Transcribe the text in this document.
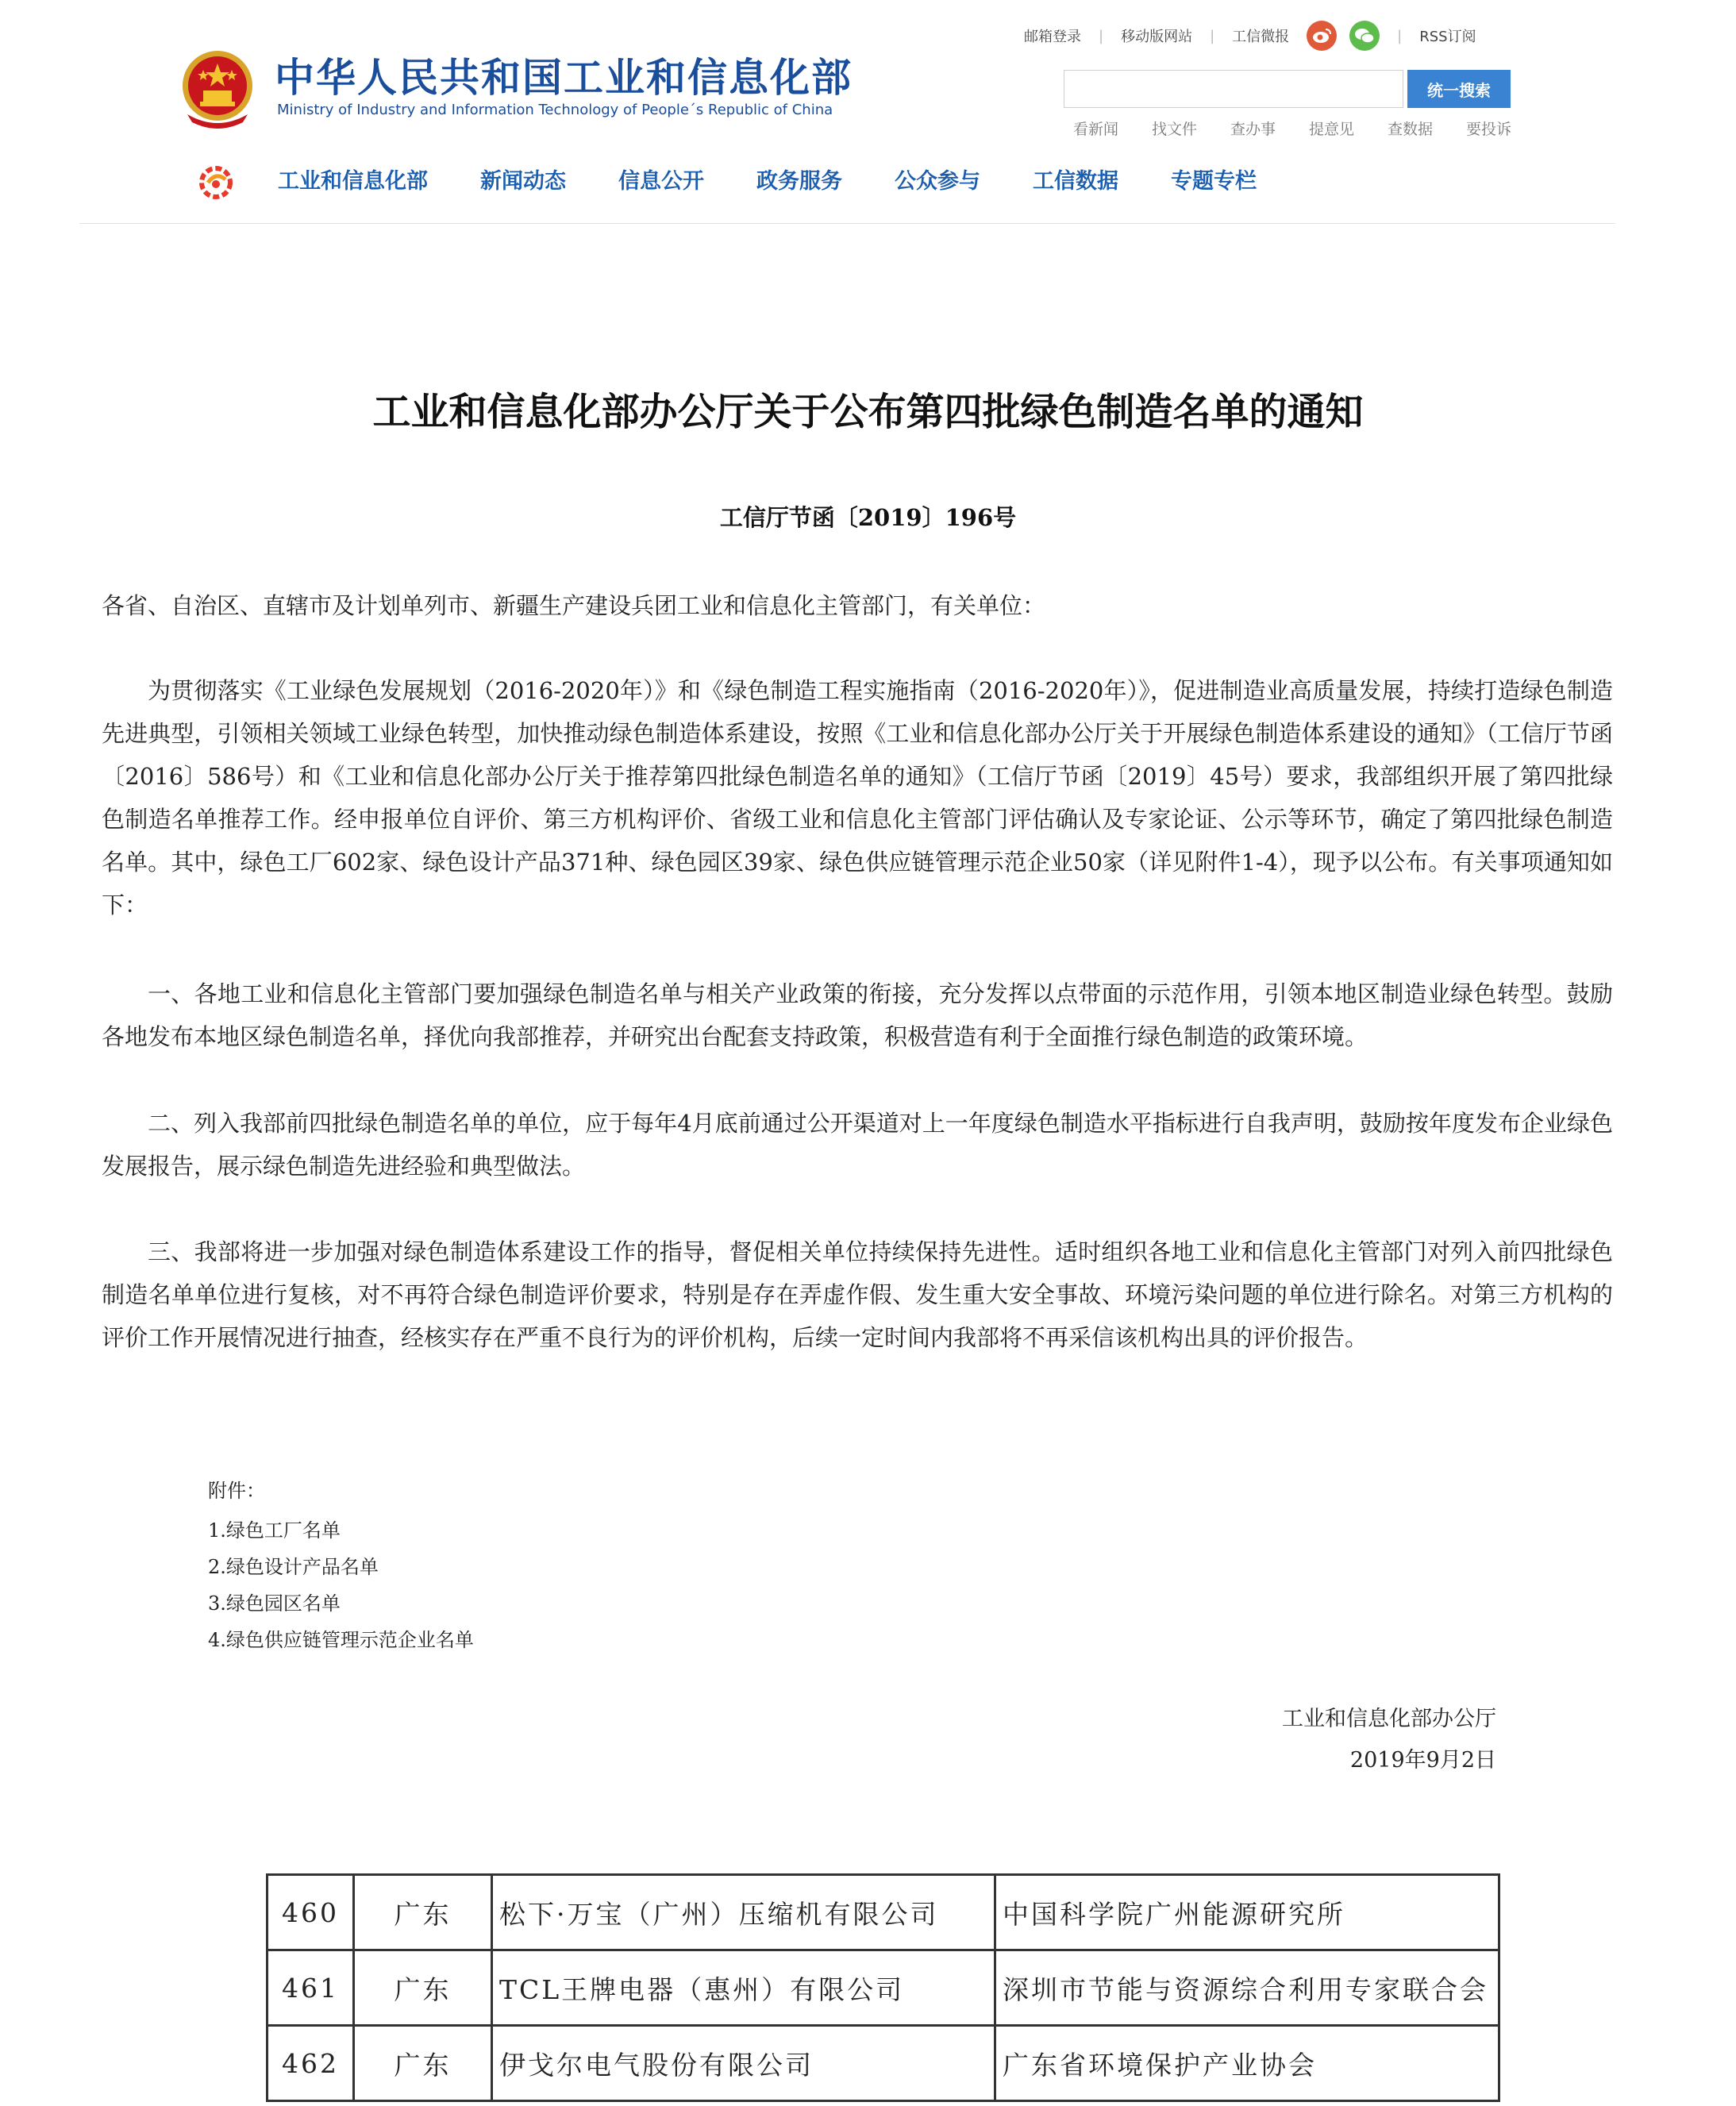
中华人民共和国工业和信息化部
Ministry of Industry and Information Technology of People´s Republic of China
邮箱登录 | 移动版网站 | 工信微报	| RSS订阅
统一搜索
看新闻	找文件	查办事	提意见	查数据	要投诉
工业和信息化部 新闻动态 信息公开 政务服务 公众参与 工信数据 专题专栏
工业和信息化部办公厅关于公布第四批绿色制造名单的通知
工信厅节函〔2019〕196号

各省、自治区、直辖市及计划单列市、新疆生产建设兵团工业和信息化主管部门，有关单位：

为贯彻落实《工业绿色发展规划（2016-2020年）》和《绿色制造工程实施指南（2016-2020年）》，促进制造业高质量发展，持续打造绿色制造先进典型，引领相关领域工业绿色转型，加快推动绿色制造体系建设，按照《工业和信息化部办公厅关于开展绿色制造体系建设的通知》（工信厅节函〔2016〕586号）和《工业和信息化部办公厅关于推荐第四批绿色制造名单的通知》（工信厅节函〔2019〕45号）要求，我部组织开展了第四批绿色制造名单推荐工作。经申报单位自评价、第三方机构评价、省级工业和信息化主管部门评估确认及专家论证、公示等环节，确定了第四批绿色制造名单。其中，绿色工厂602家、绿色设计产品371种、绿色园区39家、绿色供应链管理示范企业50家（详见附件1-4），现予以公布。有关事项通知如下：

一、各地工业和信息化主管部门要加强绿色制造名单与相关产业政策的衔接，充分发挥以点带面的示范作用，引领本地区制造业绿色转型。鼓励各地发布本地区绿色制造名单，择优向我部推荐，并研究出台配套支持政策，积极营造有利于全面推行绿色制造的政策环境。

二、列入我部前四批绿色制造名单的单位，应于每年4月底前通过公开渠道对上一年度绿色制造水平指标进行自我声明，鼓励按年度发布企业绿色发展报告，展示绿色制造先进经验和典型做法。

三、我部将进一步加强对绿色制造体系建设工作的指导，督促相关单位持续保持先进性。适时组织各地工业和信息化主管部门对列入前四批绿色制造名单单位进行复核，对不再符合绿色制造评价要求，特别是存在弄虚作假、发生重大安全事故、环境污染问题的单位进行除名。对第三方机构的评价工作开展情况进行抽查，经核实存在严重不良行为的评价机构，后续一定时间内我部将不再采信该机构出具的评价报告。

附件：
1.绿色工厂名单
2.绿色设计产品名单
3.绿色园区名单
4.绿色供应链管理示范企业名单
工业和信息化部办公厅
2019年9月2日
460	广东	松下·万宝（广州）压缩机有限公司	中国科学院广州能源研究所
461	广东	TCL王牌电器（惠州）有限公司	深圳市节能与资源综合利用专家联合会
462	广东	伊戈尔电气股份有限公司	广东省环境保护产业协会
